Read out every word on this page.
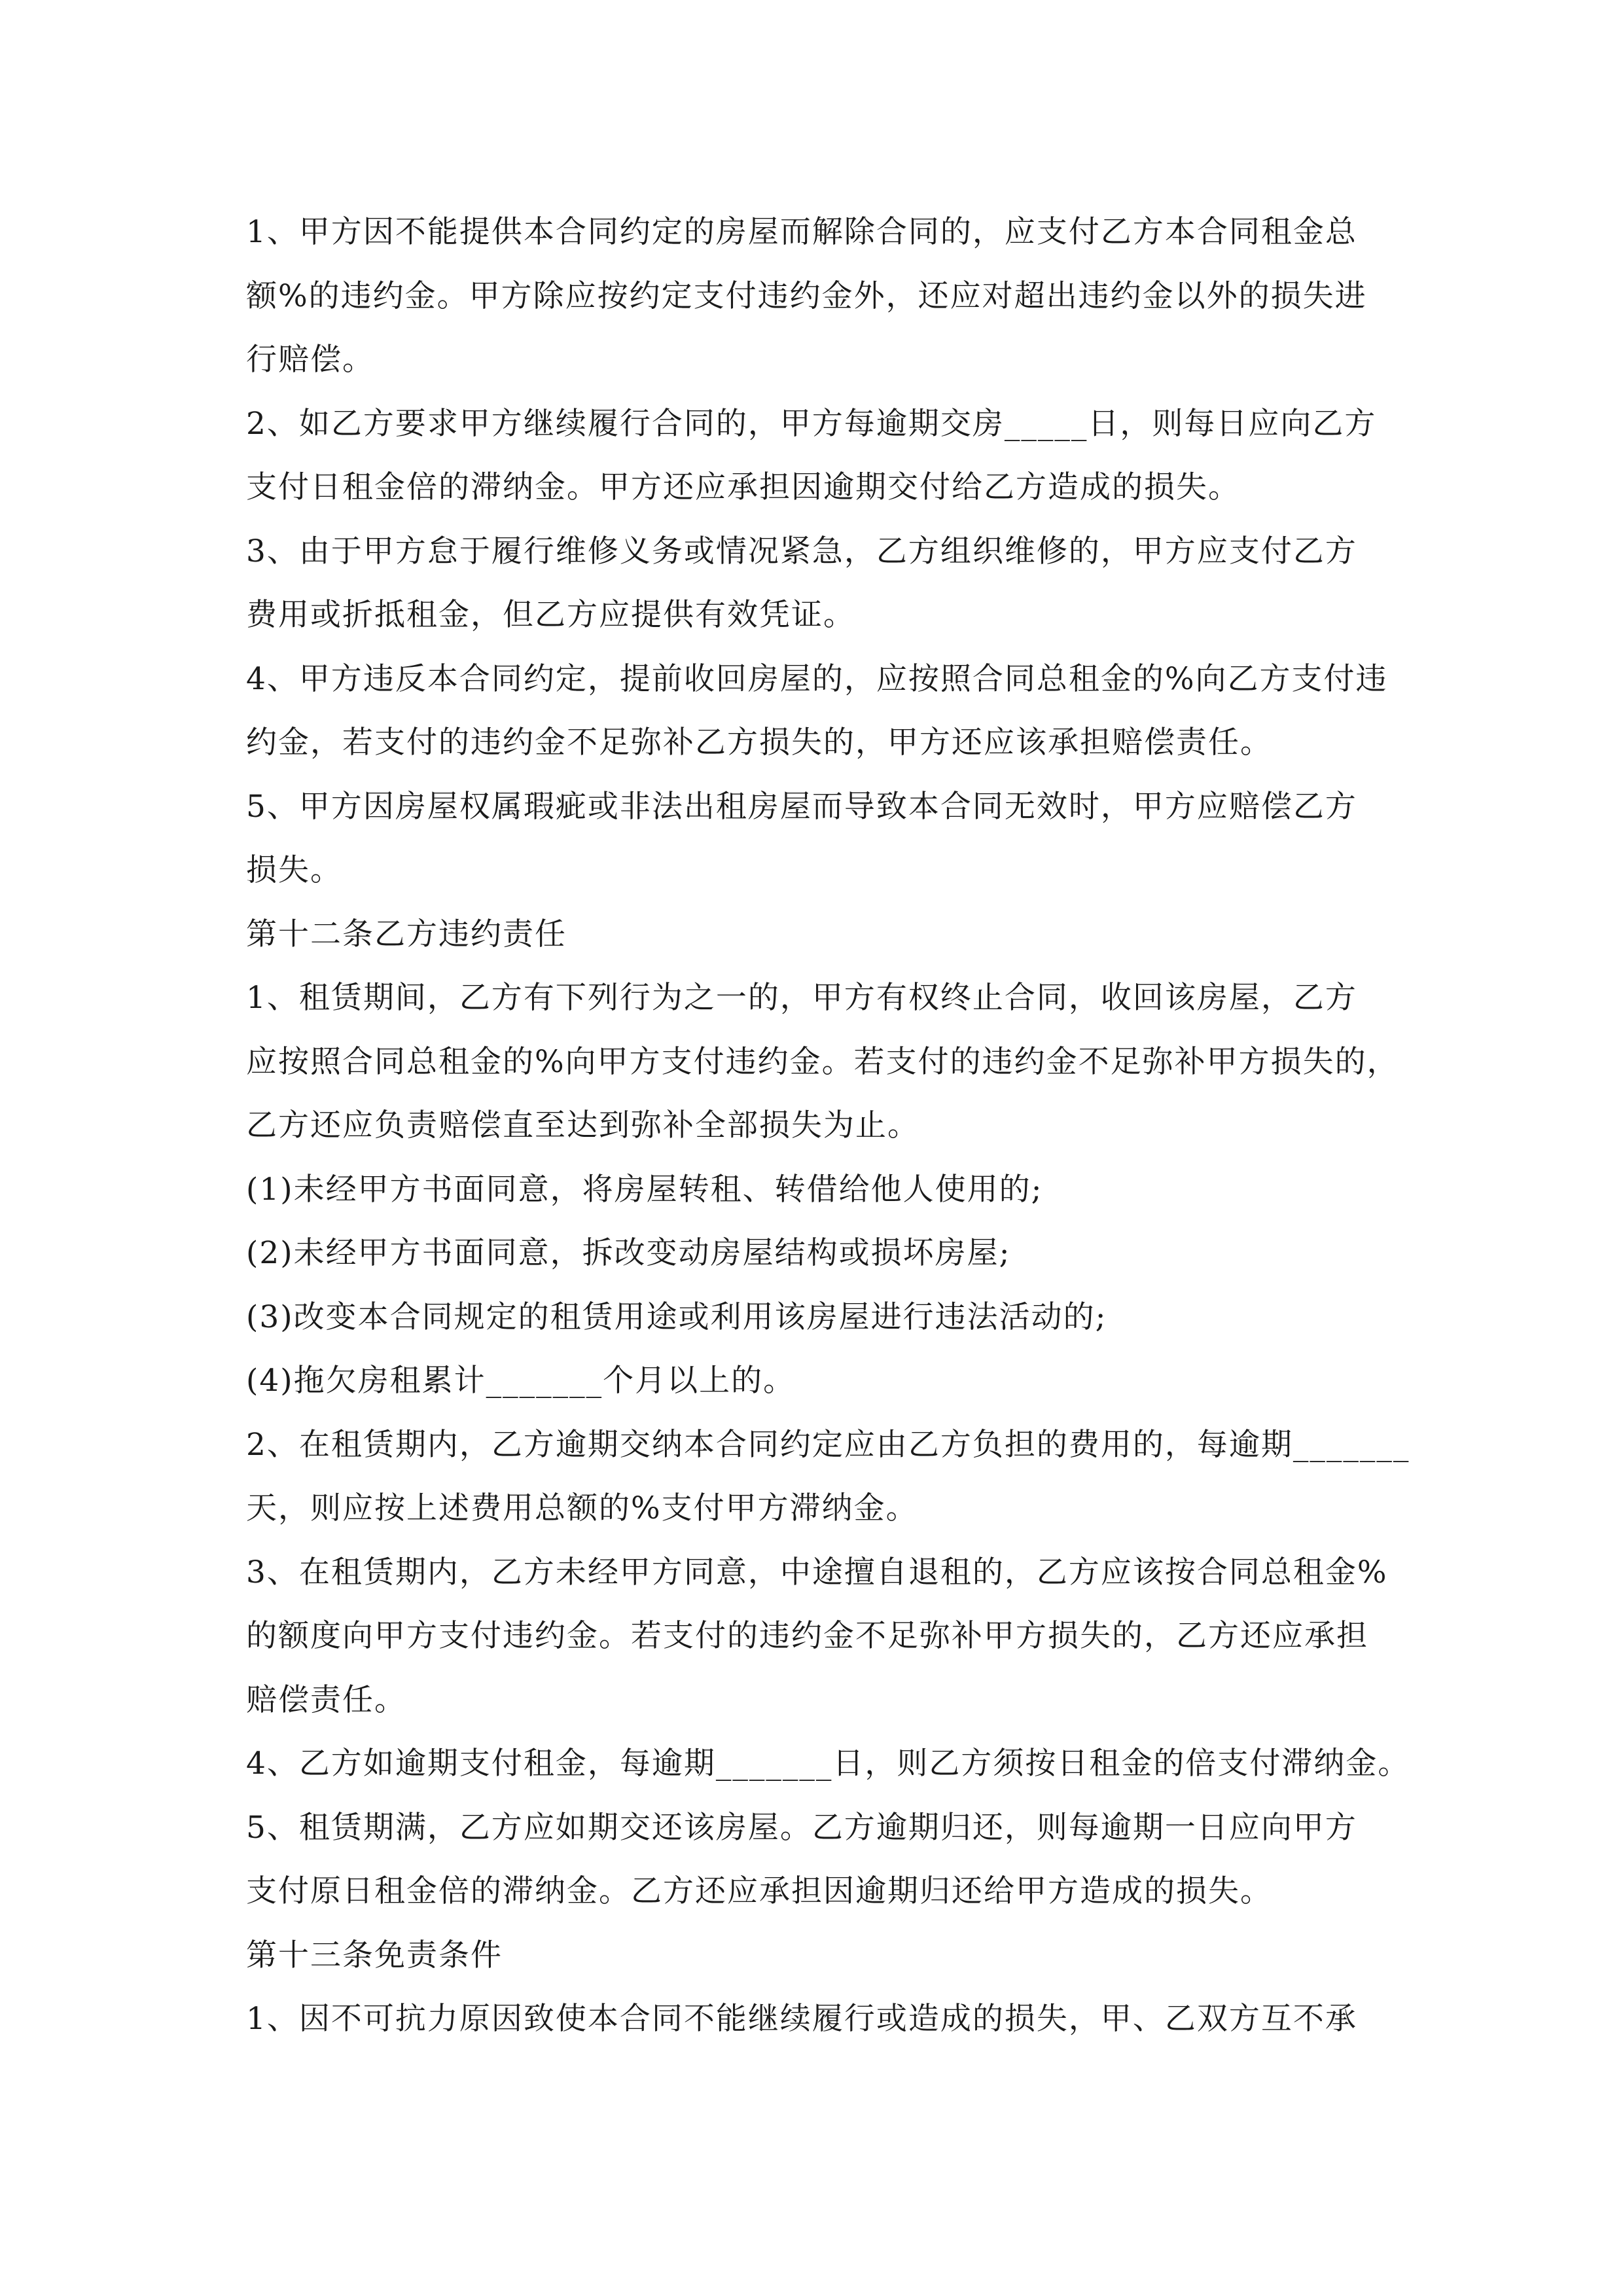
1、甲方因不能提供本合同约定的房屋而解除合同的，应支付乙方本合同租金总
额%的违约金。甲方除应按约定支付违约金外，还应对超出违约金以外的损失进
行赔偿。
2、如乙方要求甲方继续履行合同的，甲方每逾期交房_____日，则每日应向乙方
支付日租金倍的滞纳金。甲方还应承担因逾期交付给乙方造成的损失。
3、由于甲方怠于履行维修义务或情况紧急，乙方组织维修的，甲方应支付乙方
费用或折抵租金，但乙方应提供有效凭证。
4、甲方违反本合同约定，提前收回房屋的，应按照合同总租金的%向乙方支付违
约金，若支付的违约金不足弥补乙方损失的，甲方还应该承担赔偿责任。
5、甲方因房屋权属瑕疵或非法出租房屋而导致本合同无效时，甲方应赔偿乙方
损失。
第十二条乙方违约责任
1、租赁期间，乙方有下列行为之一的，甲方有权终止合同，收回该房屋，乙方
应按照合同总租金的%向甲方支付违约金。若支付的违约金不足弥补甲方损失的，
乙方还应负责赔偿直至达到弥补全部损失为止。
(1)未经甲方书面同意，将房屋转租、转借给他人使用的;
(2)未经甲方书面同意，拆改变动房屋结构或损坏房屋;
(3)改变本合同规定的租赁用途或利用该房屋进行违法活动的;
(4)拖欠房租累计_______个月以上的。
2、在租赁期内，乙方逾期交纳本合同约定应由乙方负担的费用的，每逾期_______
天，则应按上述费用总额的%支付甲方滞纳金。
3、在租赁期内，乙方未经甲方同意，中途擅自退租的，乙方应该按合同总租金%
的额度向甲方支付违约金。若支付的违约金不足弥补甲方损失的，乙方还应承担
赔偿责任。
4、乙方如逾期支付租金，每逾期_______日，则乙方须按日租金的倍支付滞纳金。
5、租赁期满，乙方应如期交还该房屋。乙方逾期归还，则每逾期一日应向甲方
支付原日租金倍的滞纳金。乙方还应承担因逾期归还给甲方造成的损失。
第十三条免责条件
1、因不可抗力原因致使本合同不能继续履行或造成的损失，甲、乙双方互不承
